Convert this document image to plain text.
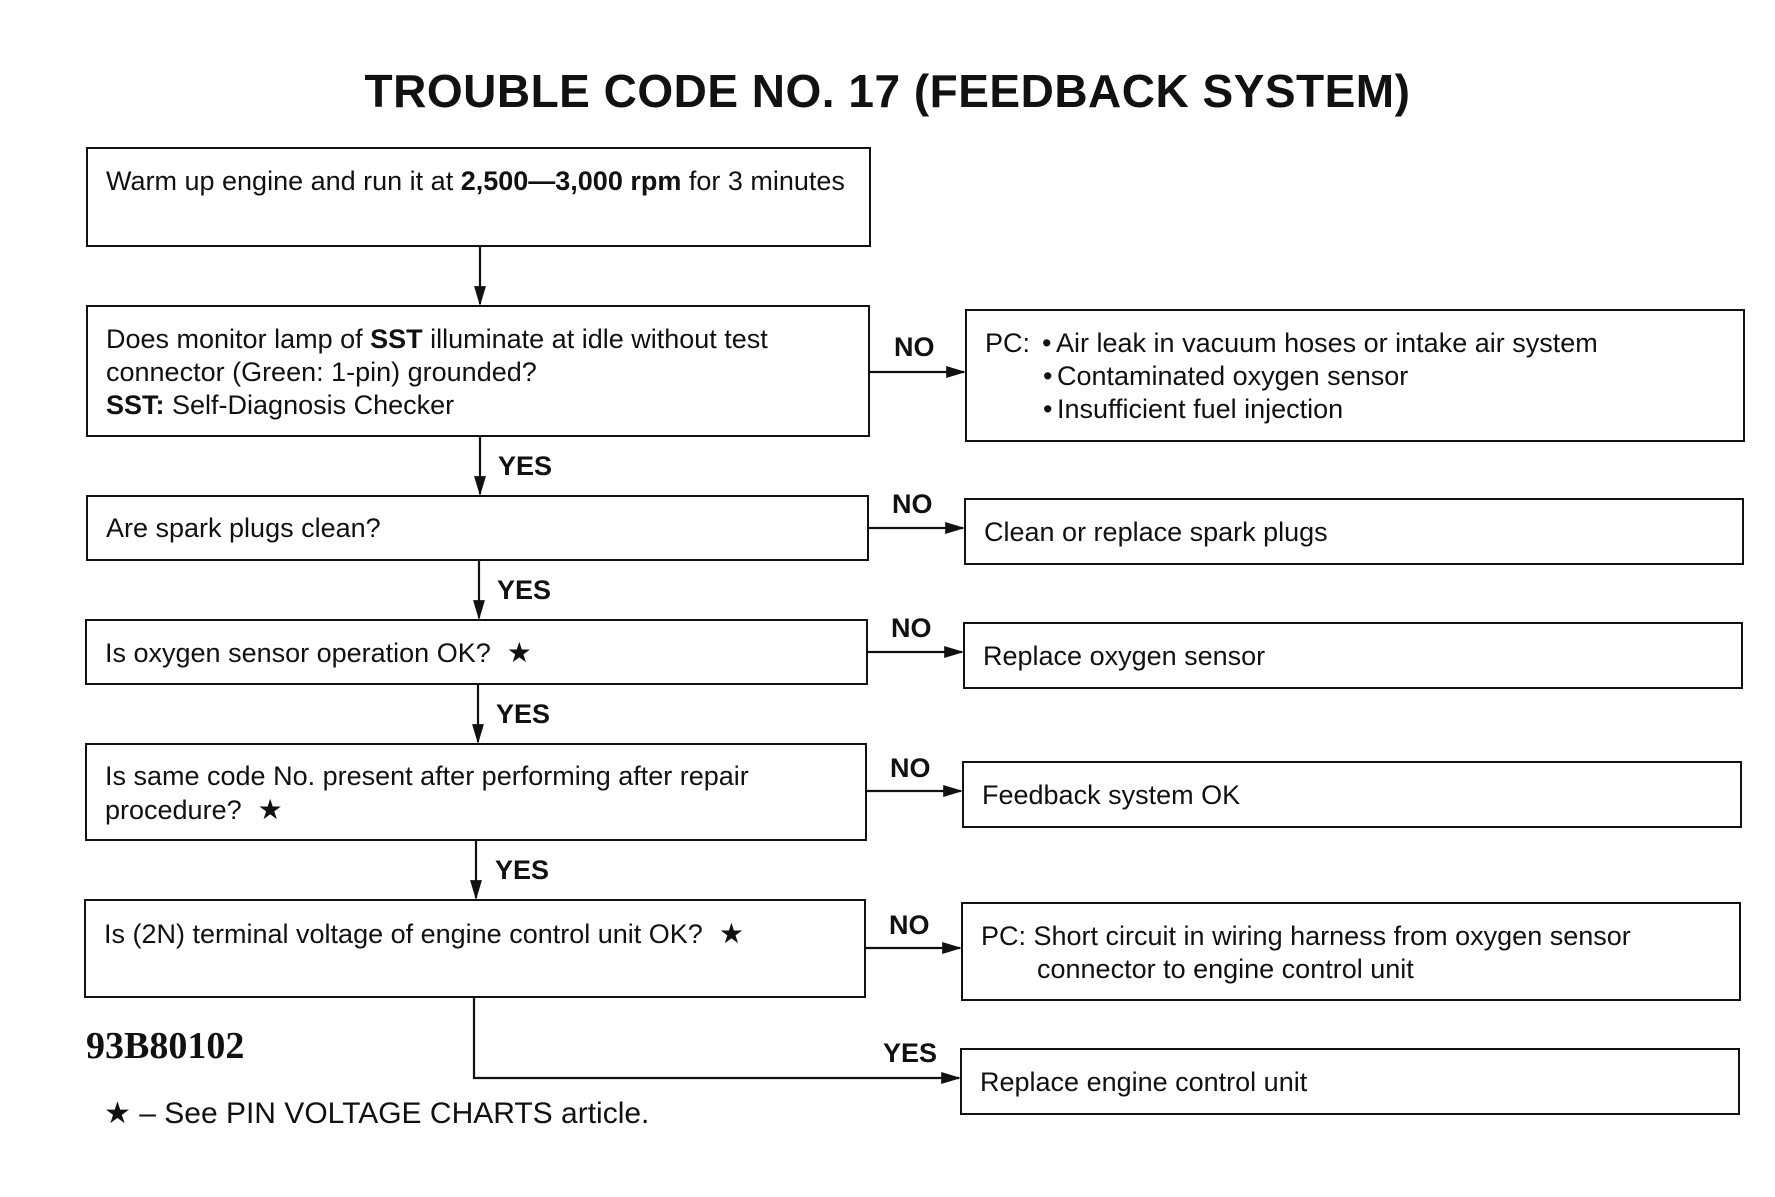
TROUBLE CODE NO. 17 (FEEDBACK SYSTEM)
Warm up engine and run it at 2,500—3,000 rpm for 3 minutes
Does monitor lamp of SST illuminate at idle without test
connector (Green: 1-pin) grounded?
SST: Self-Diagnosis Checker
Are spark plugs clean?
Is oxygen sensor operation OK? ★
Is same code No. present after performing after repair
procedure? ★
Is (2N) terminal voltage of engine control unit OK? ★
PC: • Air leak in vacuum hoses or intake air system
• Contaminated oxygen sensor
• Insufficient fuel injection
Clean or replace spark plugs
Replace oxygen sensor
Feedback system OK
PC: Short circuit in wiring harness from oxygen sensor
connector to engine control unit
Replace engine control unit
YES
YES
YES
YES
YES
NO
NO
NO
NO
NO
93B80102
★ – See PIN VOLTAGE CHARTS article.
